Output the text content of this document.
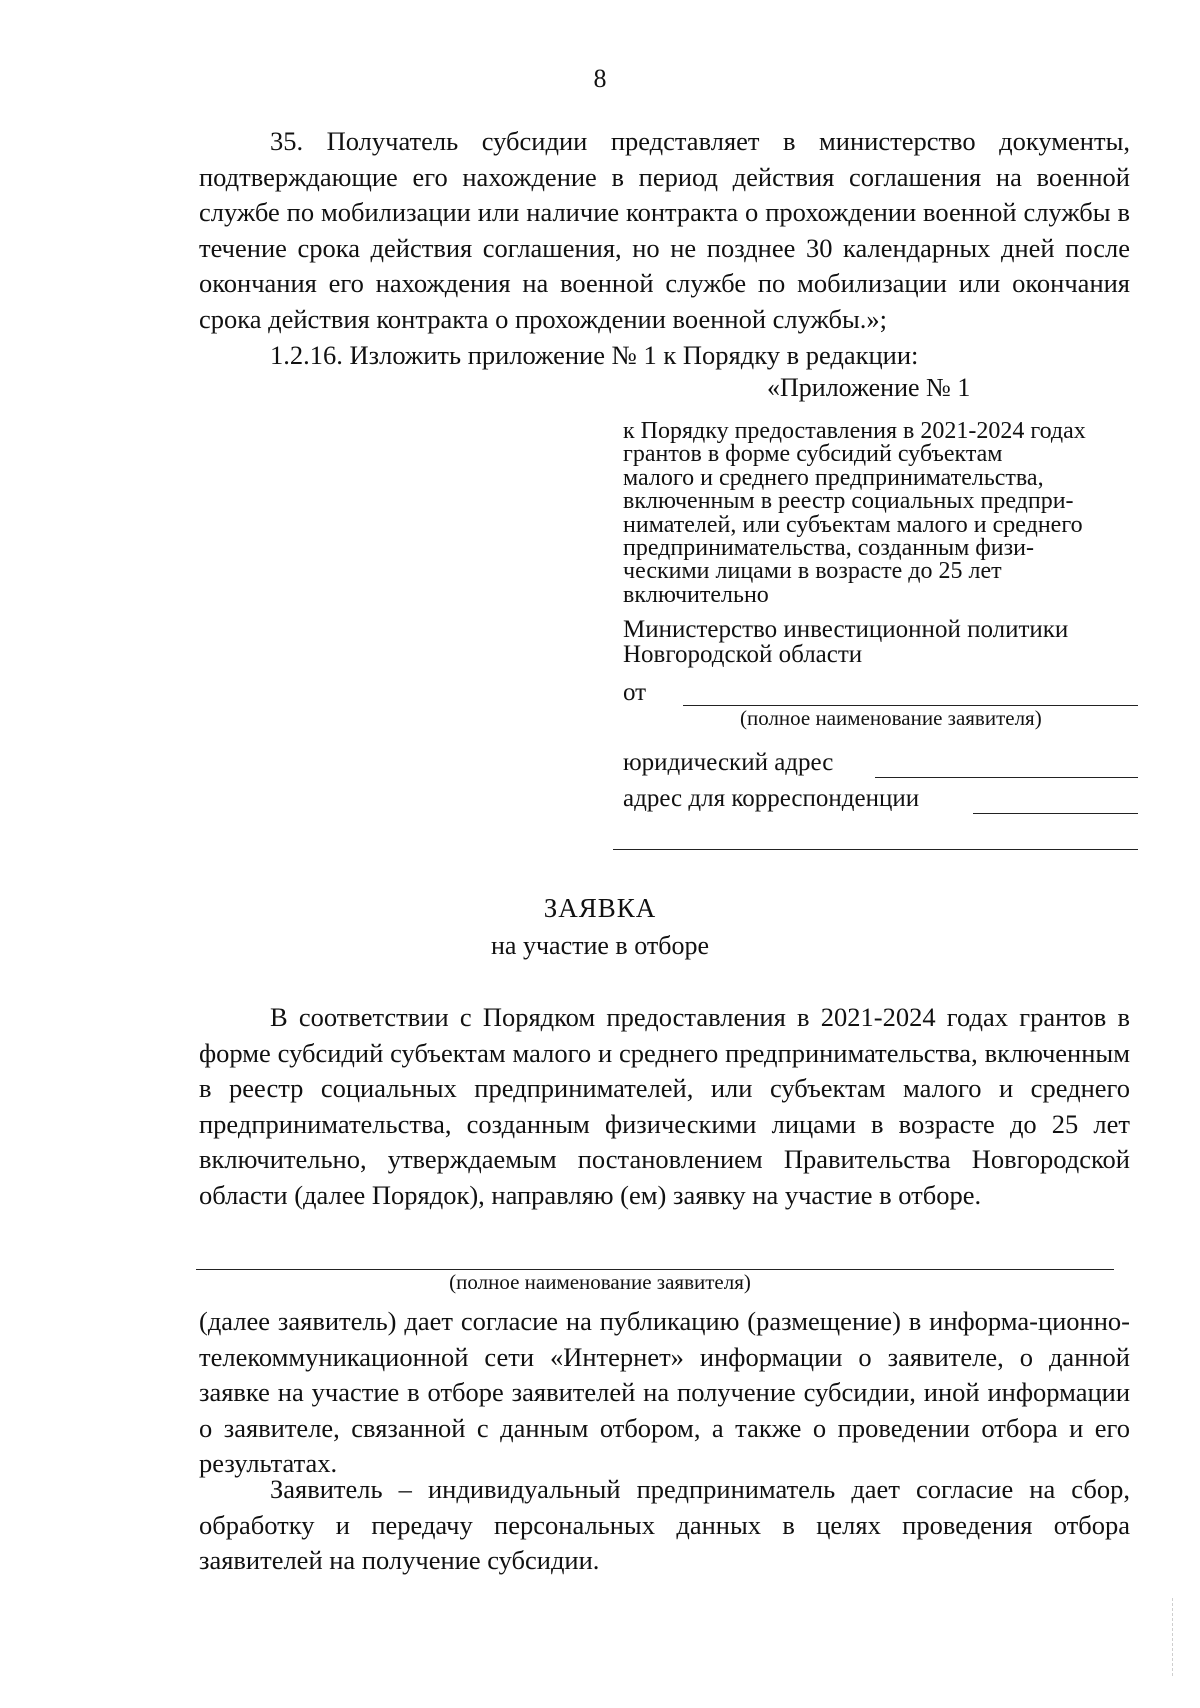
8
35. Получатель субсидии представляет в министерство документы, подтверждающие его нахождение в период действия соглашения на военной службе по мобилизации или наличие контракта о прохождении военной службы в течение срока действия соглашения, но не позднее 30 календарных дней после окончания его нахождения на военной службе по мобилизации или окончания срока действия контракта о прохождении военной службы.»;
1.2.16. Изложить приложение № 1 к Порядку в редакции:
«Приложение № 1
к Порядку предоставления в 2021-2024 годах
грантов в форме субсидий субъектам
малого и среднего предпринимательства,
включенным в реестр социальных предпри-
нимателей, или субъектам малого и среднего
предпринимательства, созданным физи-
ческими лицами в возрасте до 25 лет
включительно
Министерство инвестиционной политики
Новгородской области
от
(полное наименование заявителя)
юридический адрес
адрес для корреспонденции
ЗАЯВКА
на участие в отборе
В соответствии с Порядком предоставления в 2021-2024 годах грантов в форме субсидий субъектам малого и среднего предпринимательства, включенным в реестр социальных предпринимателей, или субъектам малого и среднего предпринимательства, созданным физическими лицами в возрасте до 25 лет включительно, утверждаемым постановлением Правительства Новгородской области (далее Порядок), направляю (ем) заявку на участие в отборе.
(полное наименование заявителя)
(далее заявитель) дает согласие на публикацию (размещение) в информа-ционно-телекоммуникационной сети «Интернет» информации о заявителе, о данной заявке на участие в отборе заявителей на получение субсидии, иной информации о заявителе, связанной с данным отбором, а также о проведении отбора и его результатах.
Заявитель – индивидуальный предприниматель дает согласие на сбор, обработку и передачу персональных данных в целях проведения отбора заявителей на получение субсидии.
